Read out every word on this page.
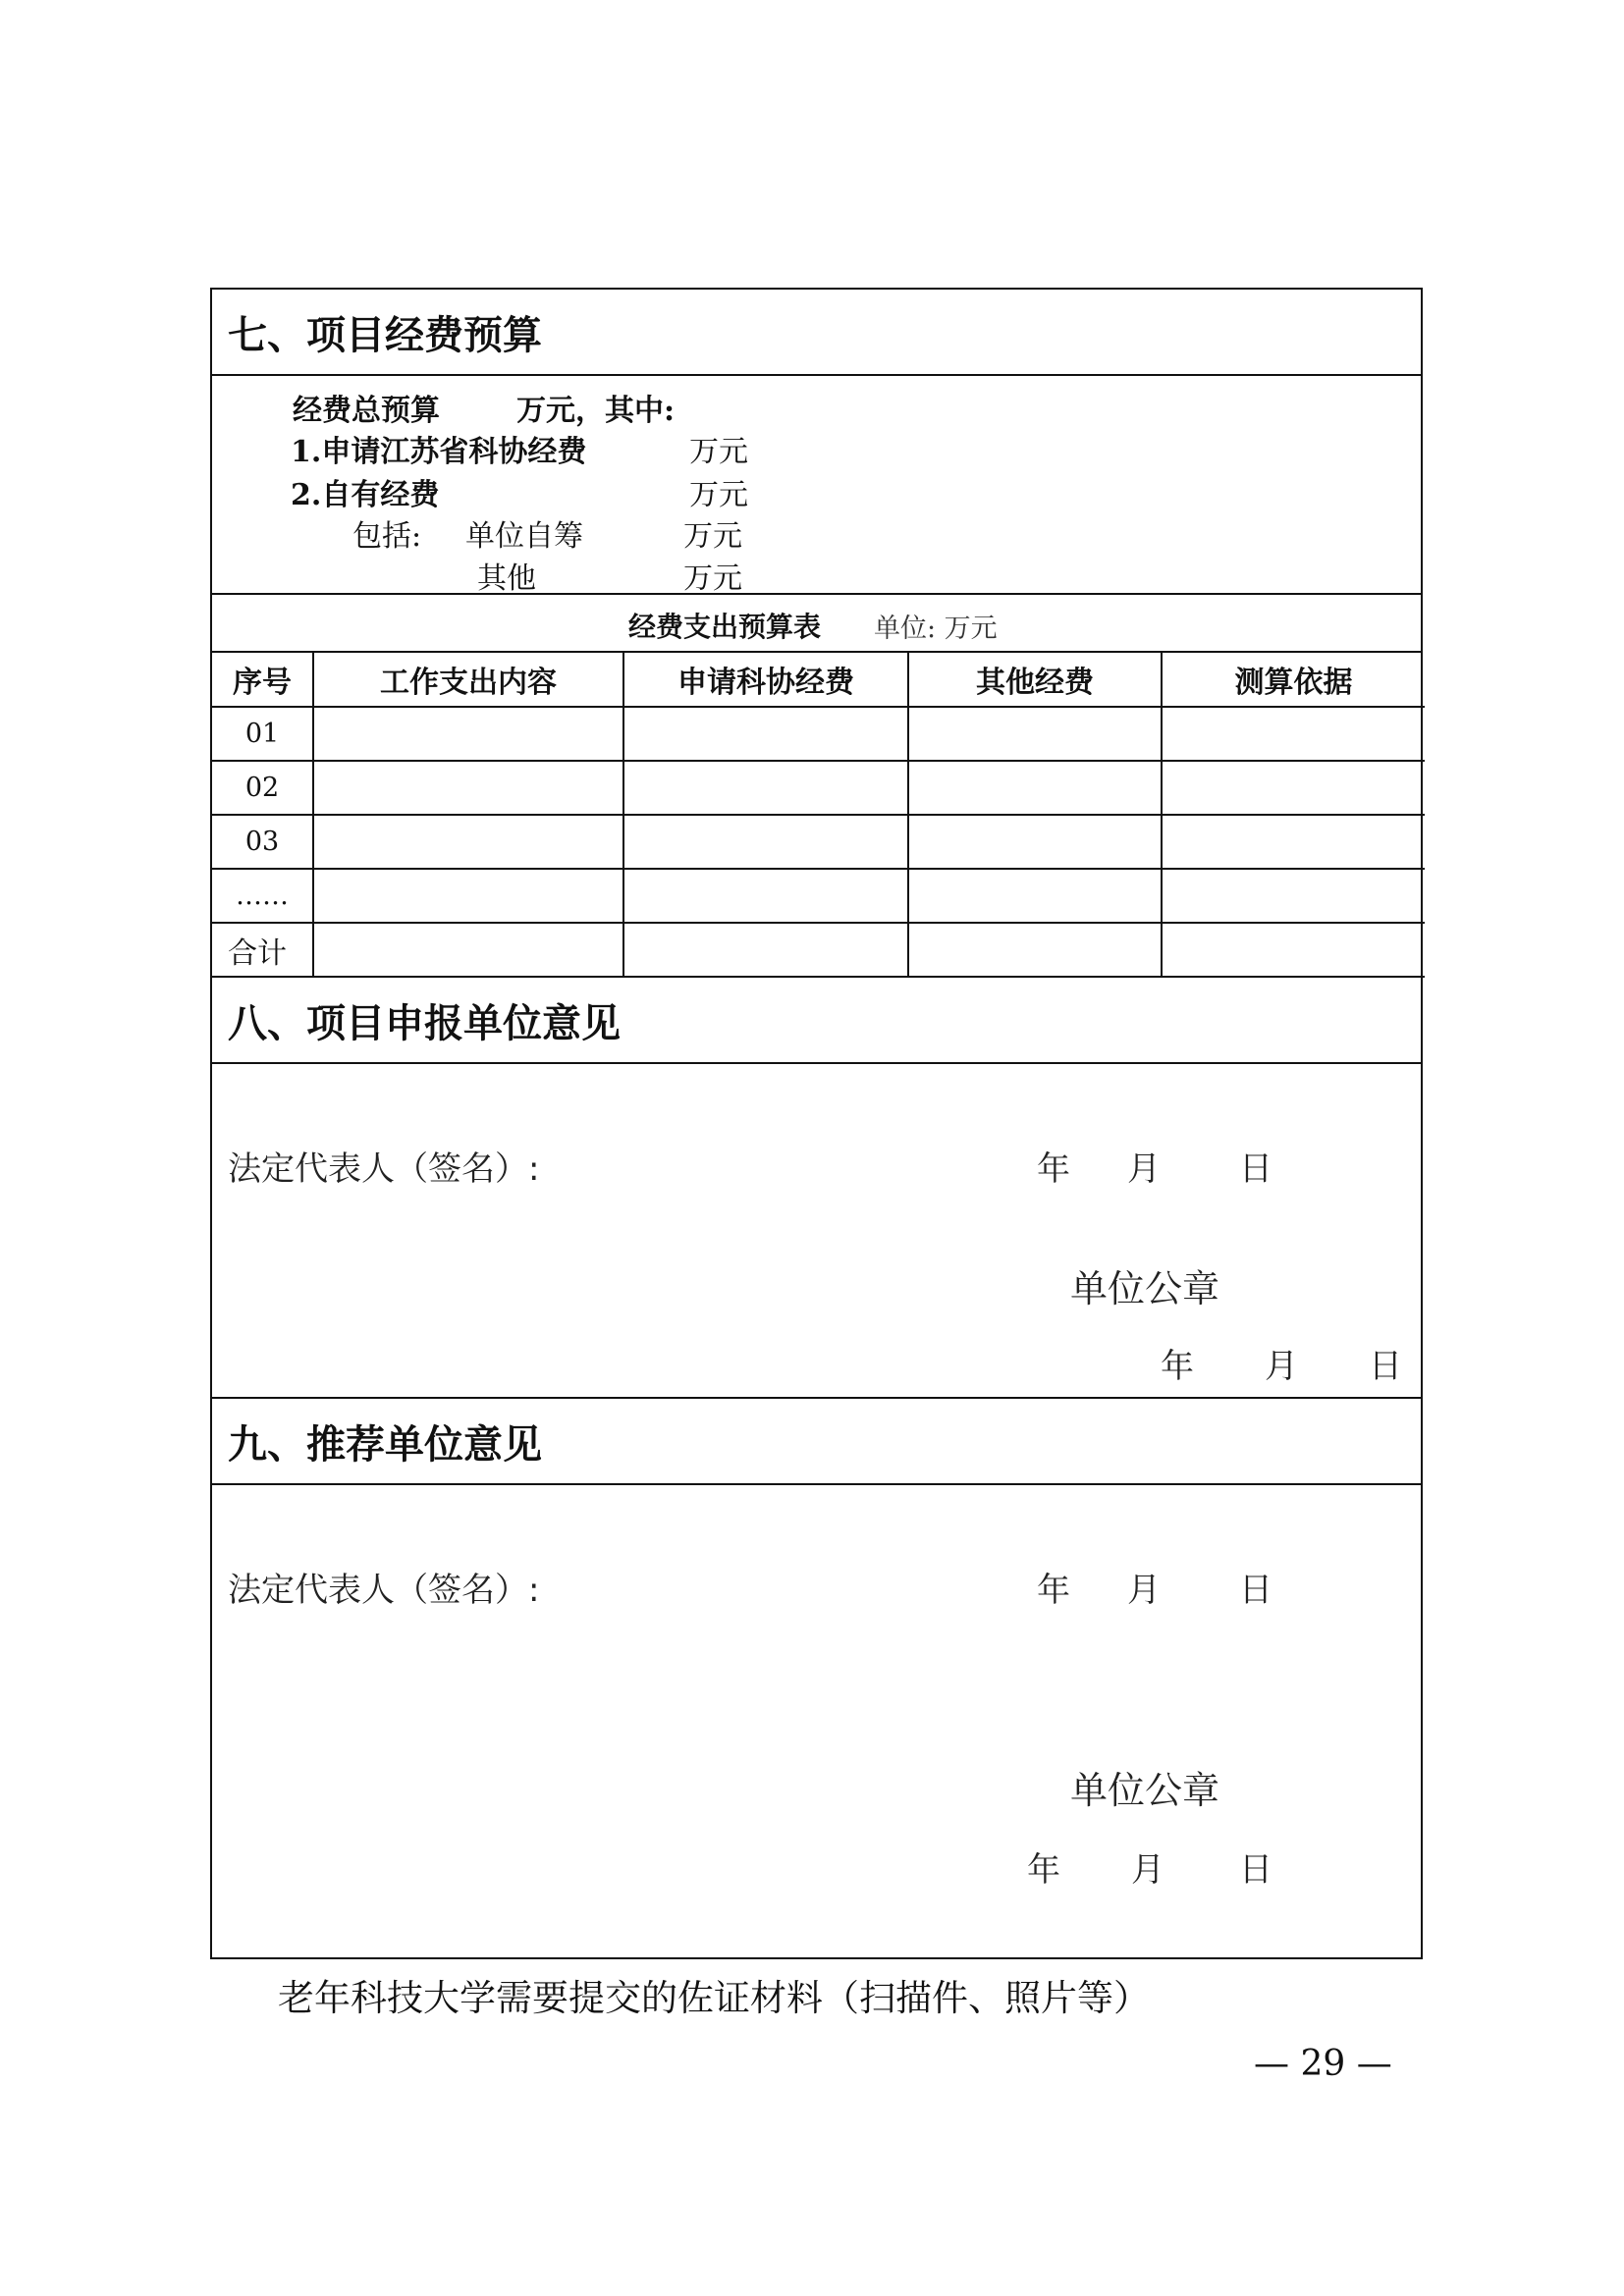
七、项目经费预算
经费总预算	万元，其中:
1.申请江苏省科协经费	万元
2.自有经费	万元
包括: 单位自筹	万元
其他	万元
经费支出预算表 单位: 万元
序号	工作支出内容	申请科协经费	其他经费	测算依据
01				
02				
03				
……				
合计				
八、项目申报单位意见
法定代表人（签名）:	年 月 日
单位公章
年 月 日
九、推荐单位意见
法定代表人（签名）:	年 月 日
单位公章
年 月 日
老年科技大学需要提交的佐证材料（扫描件、照片等）
— 29 —
